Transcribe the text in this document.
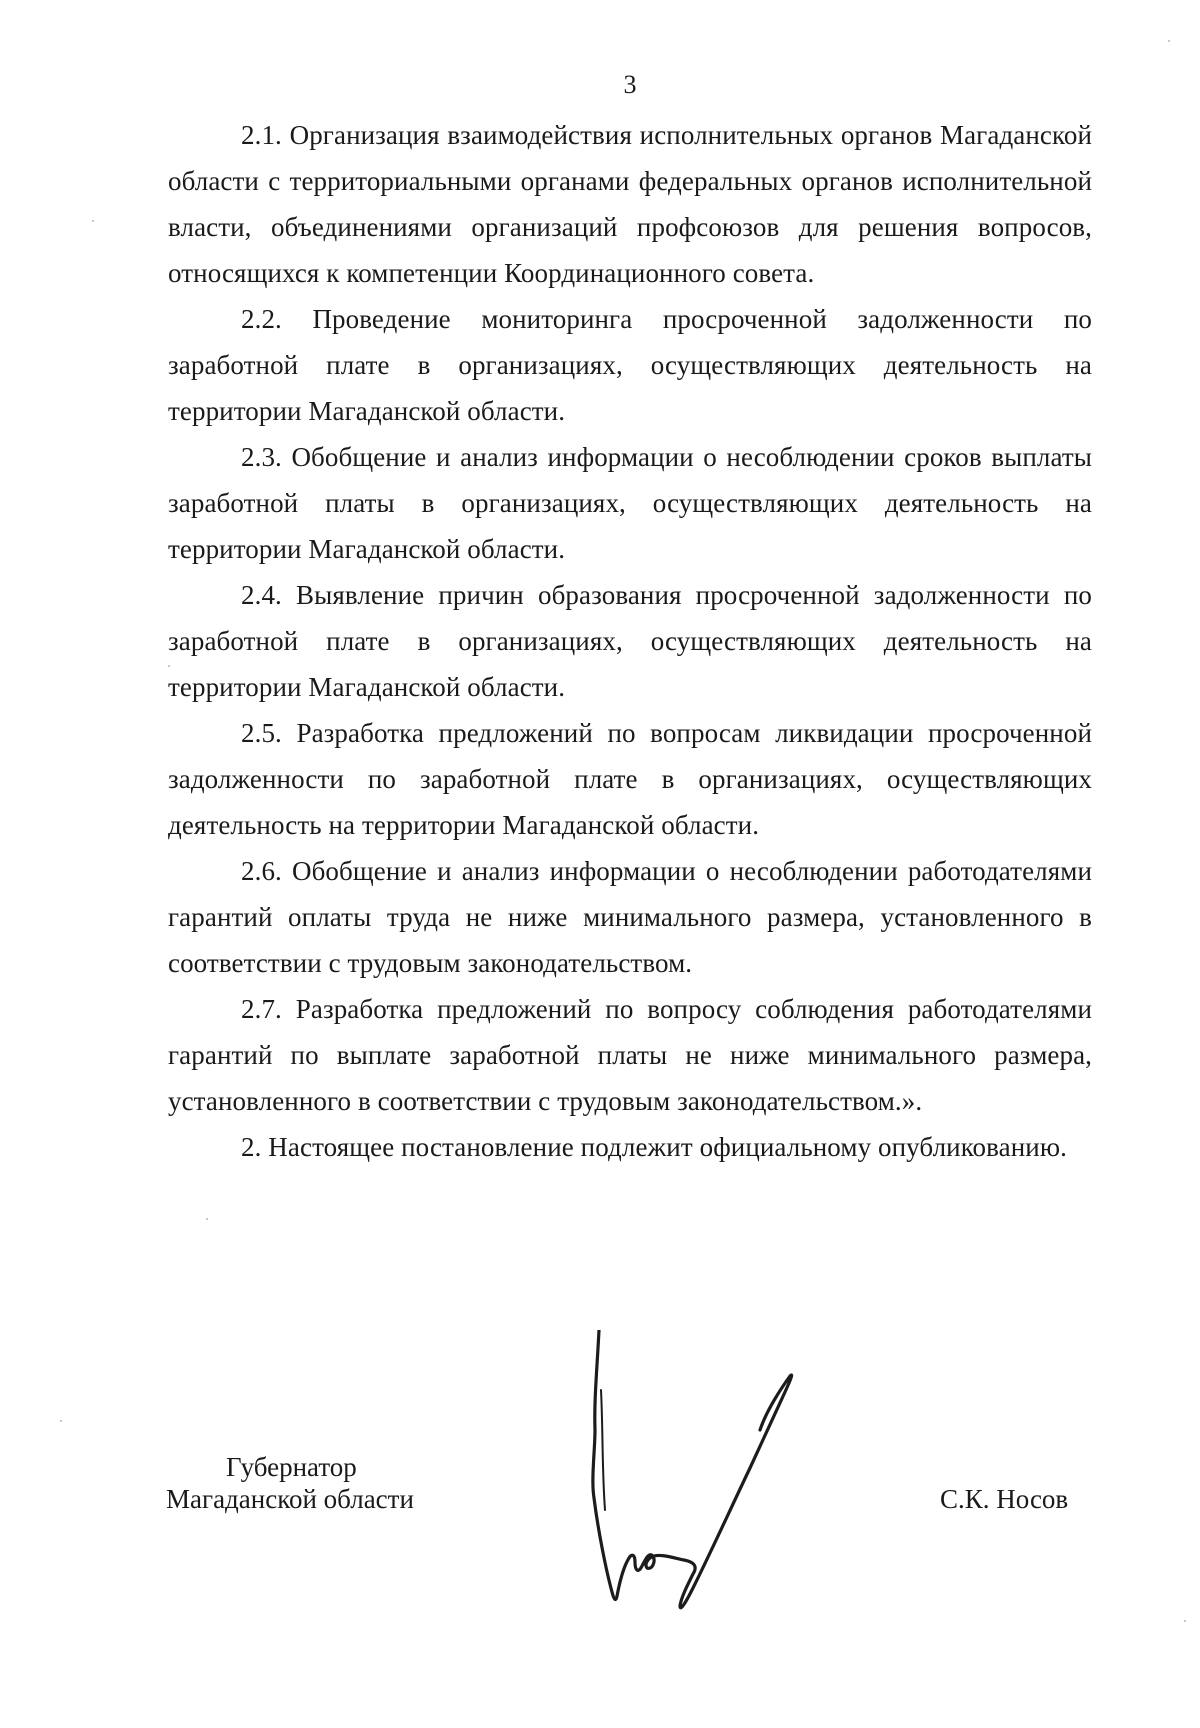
3

2.1. Организация взаимодействия исполнительных органов Магаданской области с территориальными органами федеральных органов исполнительной власти, объединениями организаций профсоюзов для решения вопросов, относящихся к компетенции Координационного совета.

2.2. Проведение мониторинга просроченной задолженности по заработной плате в организациях, осуществляющих деятельность на территории Магаданской области.

2.3. Обобщение и анализ информации о несоблюдении сроков выплаты заработной платы в организациях, осуществляющих деятельность на территории Магаданской области.

2.4. Выявление причин образования просроченной задолженности по заработной плате в организациях, осуществляющих деятельность на территории Магаданской области.

2.5. Разработка предложений по вопросам ликвидации просроченной задолженности по заработной плате в организациях, осуществляющих деятельность на территории Магаданской области.

2.6. Обобщение и анализ информации о несоблюдении работодателями гарантий оплаты труда не ниже минимального размера, установленного в соответствии с трудовым законодательством.

2.7. Разработка предложений по вопросу соблюдения работодателями гарантий по выплате заработной платы не ниже минимального размера, установленного в соответствии с трудовым законодательством.».

2. Настоящее постановление подлежит официальному опубликованию.

Губернатор
Магаданской области	С.К. Носов
